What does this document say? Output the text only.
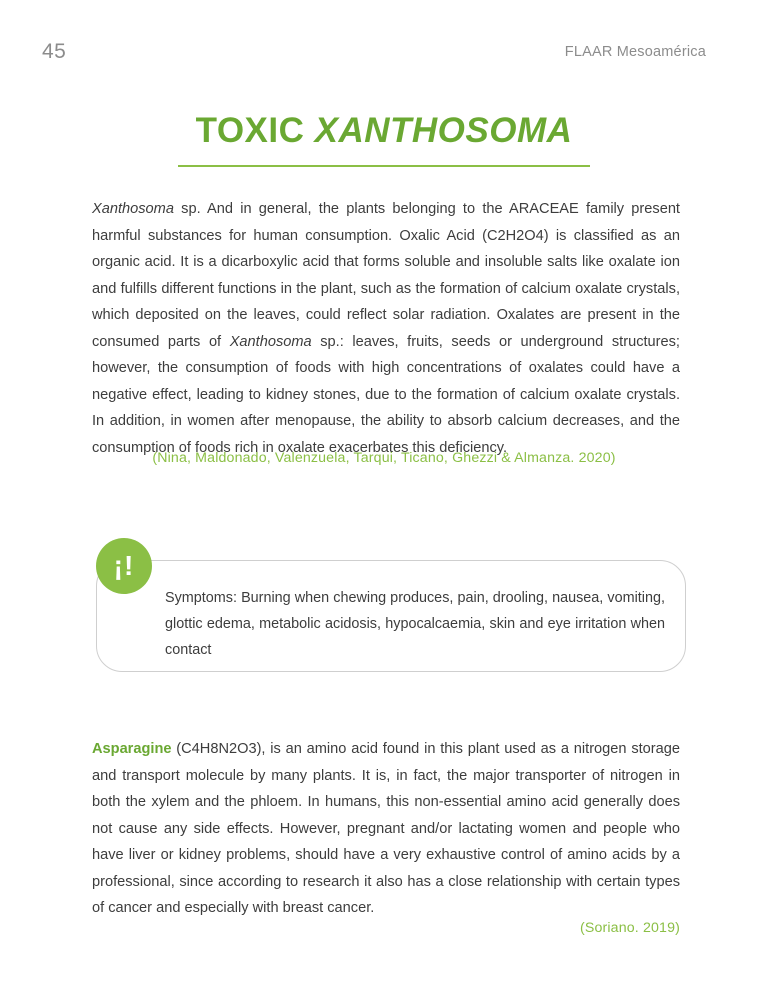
45	FLAAR Mesoamérica
TOXIC XANTHOSOMA
Xanthosoma sp. And in general, the plants belonging to the ARACEAE family present harmful substances for human consumption. Oxalic Acid (C2H2O4) is classified as an organic acid. It is a dicarboxylic acid that forms soluble and insoluble salts like oxalate ion and fulfills different functions in the plant, such as the formation of calcium oxalate crystals, which deposited on the leaves, could reflect solar radiation. Oxalates are present in the consumed parts of Xanthosoma sp.: leaves, fruits, seeds or underground structures; however, the consumption of foods with high concentrations of oxalates could have a negative effect, leading to kidney stones, due to the formation of calcium oxalate crystals. In addition, in women after menopause, the ability to absorb calcium decreases, and the consumption of foods rich in oxalate exacerbates this deficiency.
(Nina, Maldonado, Valenzuela, Tarqui, Ticano, Ghezzi & Almanza. 2020)
Symptoms: Burning when chewing produces, pain, drooling, nausea, vomiting, glottic edema, metabolic acidosis, hypocalcaemia, skin and eye irritation when contact
¡!
Asparagine (C4H8N2O3), is an amino acid found in this plant used as a nitrogen storage and transport molecule by many plants. It is, in fact, the major transporter of nitrogen in both the xylem and the phloem. In humans, this non-essential amino acid generally does not cause any side effects. However, pregnant and/or lactating women and people who have liver or kidney problems, should have a very exhaustive control of amino acids by a professional, since according to research it also has a close relationship with certain types of cancer and especially with breast cancer.
(Soriano. 2019)
